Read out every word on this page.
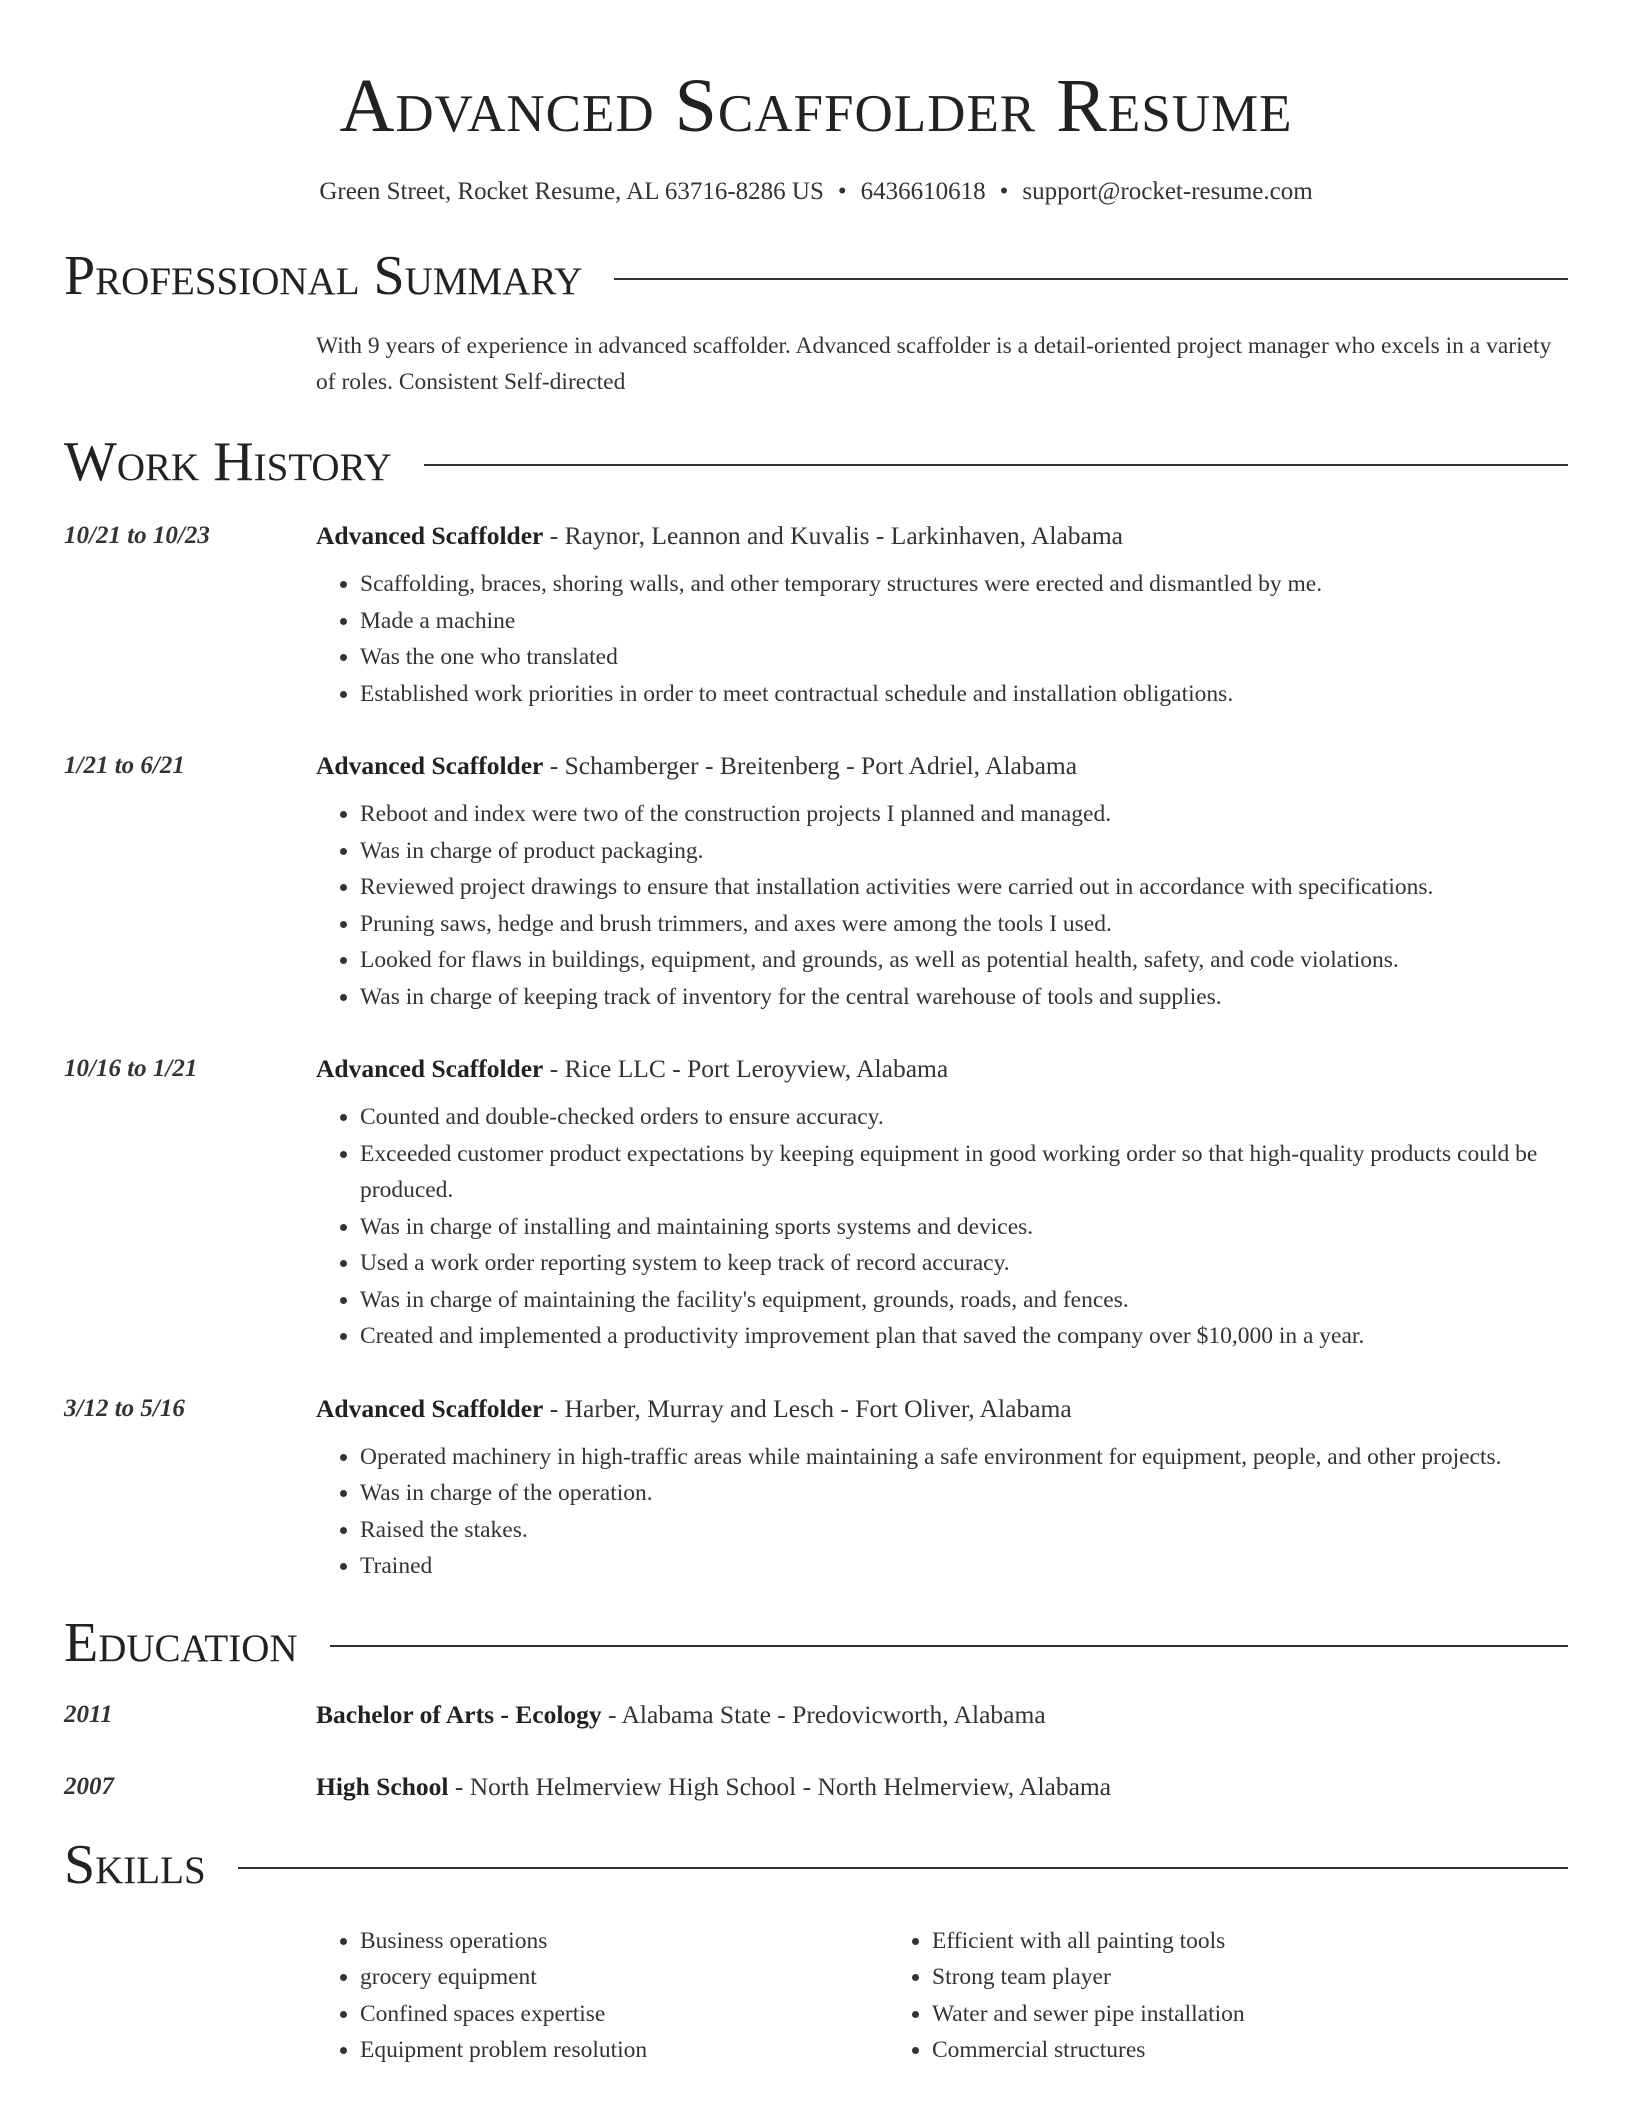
Advanced Scaffolder Resume
Green Street, Rocket Resume, AL 63716-8286 US • 6436610618 • support@rocket-resume.com
Professional Summary
With 9 years of experience in advanced scaffolder. Advanced scaffolder is a detail-oriented project manager who excels in a variety of roles. Consistent Self-directed
Work History
10/21 to 10/23	Advanced Scaffolder - Raynor, Leannon and Kuvalis - Larkinhaven, Alabama
• Scaffolding, braces, shoring walls, and other temporary structures were erected and dismantled by me.
• Made a machine
• Was the one who translated
• Established work priorities in order to meet contractual schedule and installation obligations.
1/21 to 6/21	Advanced Scaffolder - Schamberger - Breitenberg - Port Adriel, Alabama
• Reboot and index were two of the construction projects I planned and managed.
• Was in charge of product packaging.
• Reviewed project drawings to ensure that installation activities were carried out in accordance with specifications.
• Pruning saws, hedge and brush trimmers, and axes were among the tools I used.
• Looked for flaws in buildings, equipment, and grounds, as well as potential health, safety, and code violations.
• Was in charge of keeping track of inventory for the central warehouse of tools and supplies.
10/16 to 1/21	Advanced Scaffolder - Rice LLC - Port Leroyview, Alabama
• Counted and double-checked orders to ensure accuracy.
• Exceeded customer product expectations by keeping equipment in good working order so that high-quality products could be produced.
• Was in charge of installing and maintaining sports systems and devices.
• Used a work order reporting system to keep track of record accuracy.
• Was in charge of maintaining the facility's equipment, grounds, roads, and fences.
• Created and implemented a productivity improvement plan that saved the company over $10,000 in a year.
3/12 to 5/16	Advanced Scaffolder - Harber, Murray and Lesch - Fort Oliver, Alabama
• Operated machinery in high-traffic areas while maintaining a safe environment for equipment, people, and other projects.
• Was in charge of the operation.
• Raised the stakes.
• Trained
Education
2011	Bachelor of Arts - Ecology - Alabama State - Predovicworth, Alabama
2007	High School - North Helmerview High School - North Helmerview, Alabama
Skills
• Business operations
• grocery equipment
• Confined spaces expertise
• Equipment problem resolution
• Efficient with all painting tools
• Strong team player
• Water and sewer pipe installation
• Commercial structures
